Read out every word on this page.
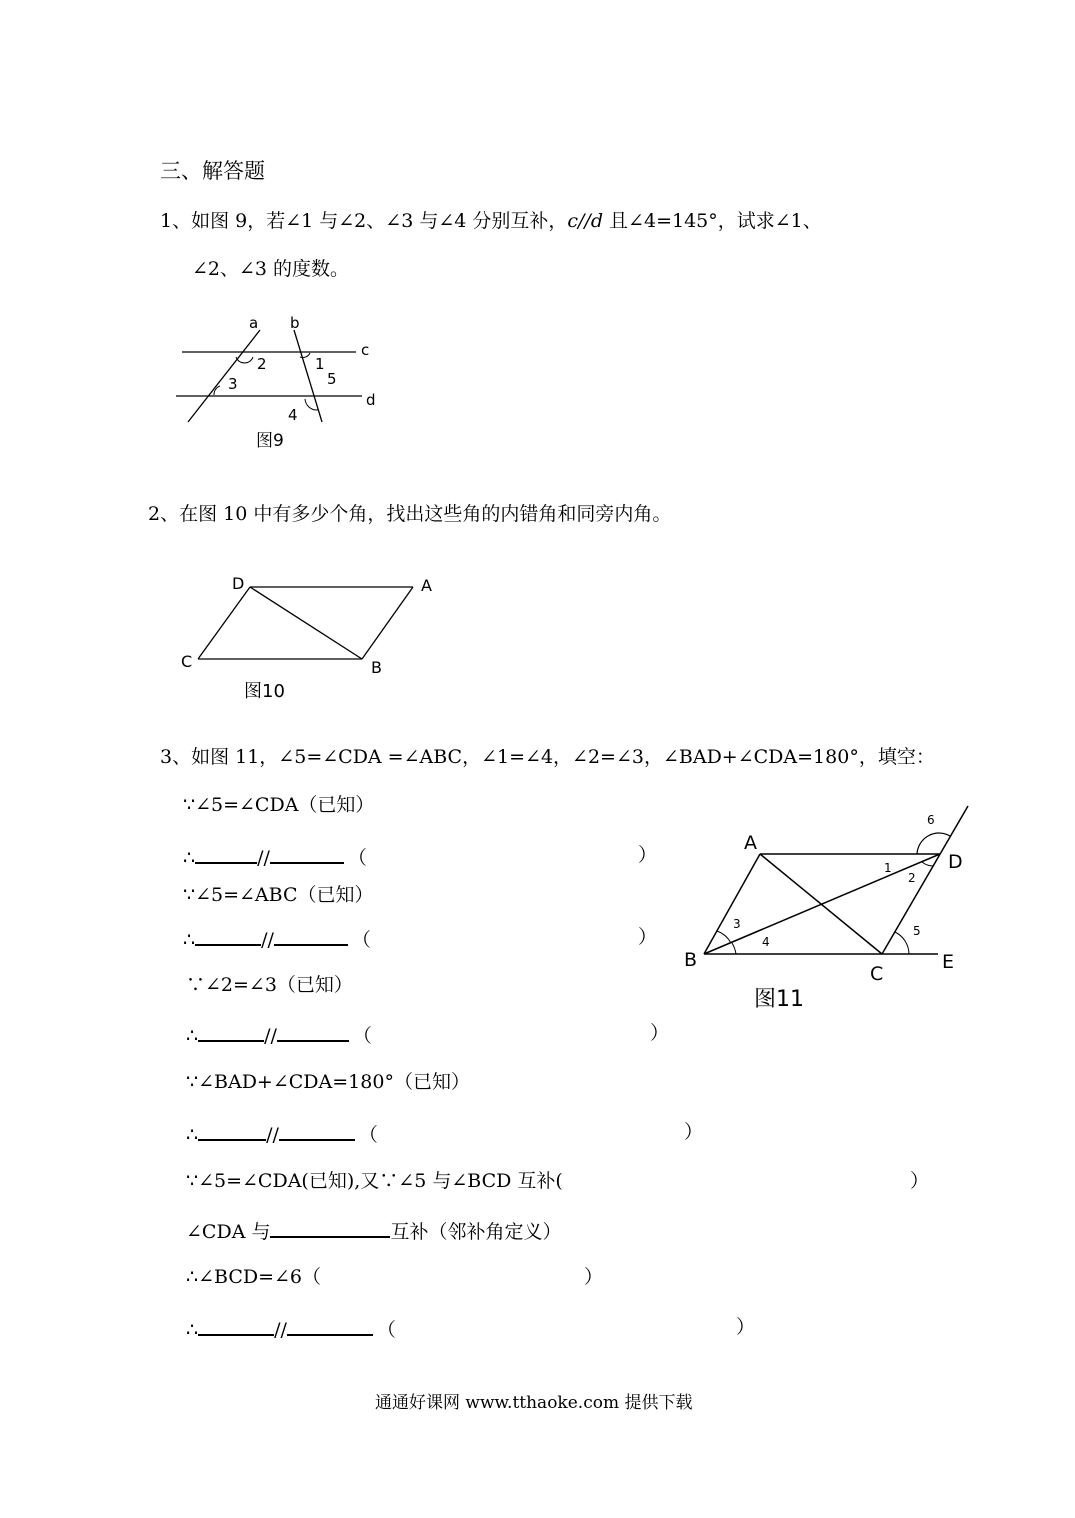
三、解答题
1、如图 9，若∠1 与∠2、∠3 与∠4 分别互补，c//d 且∠4=145°，试求∠1、
∠2、∠3 的度数。
a b
c
d
2	1
5
3
4
图9
2、在图 10 中有多少个角，找出这些角的内错角和同旁内角。
D	A
C	B
图10
3、如图 11，∠5=∠CDA =∠ABC，∠1=∠4，∠2=∠3，∠BAD+∠CDA=180°，填空：
∵∠5=∠CDA（已知）
∴	//	（	）
∵∠5=∠ABC（已知）
∴	//	（	）
∵∠2=∠3（已知）
∴	//	（	）
∵∠BAD+∠CDA=180°（已知）
∴	//	（	）
∵∠5=∠CDA(已知),又∵∠5 与∠BCD 互补(	）
∠CDA 与	互补（邻补角定义）
∴∠BCD=∠6（	）
∴	//	（	）
A
D
B
C
E
1
2
3
4
5
6
图11
通通好课网 www.tthaoke.com 提供下载
